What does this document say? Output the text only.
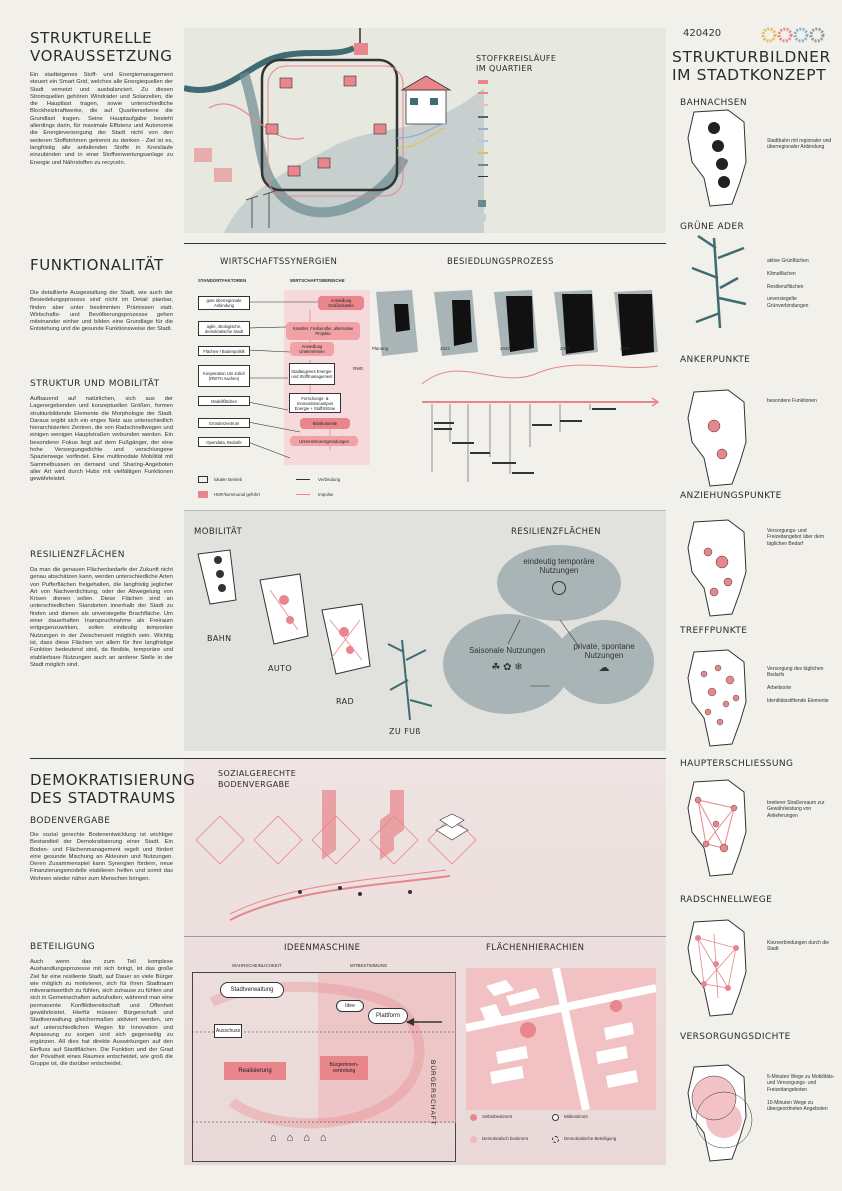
420420
STRUKTURBILDNER
IM STADTKONZEPT
STRUKTURELLE
VORAUSSETZUNG
Ein stadteigenes Stoff- und Energiemanagement steuert ein Smart Grid, welches alle Energiequellen der Stadt vernetzt und ausbalanciert. Zu diesen Stromquellen gehören Windräder und Solarzellen, die die Hauptlast tragen, sowie unterschiedliche Blockheizkraftwerke, die auf Quartiersebene die Grundlast tragen. Seine Hauptaufgabe besteht allerdings darin, für maximale Effizienz und Autonomie die Energieversorgung der Stadt nicht von den weiteren Stoffströmen getrennt zu denken - Ziel ist es, langfristig alle anfallenden Stoffe in Kreisläufe einzubinden und in einer Stoffverwertungsanlage zu Energie und Nährstoffen zu recyceln.
STOFFKREISLÄUFE
IM QUARTIER
FUNKTIONALITÄT
Die detaillierte Ausgestaltung der Stadt, wie auch der Besiedelungsprozess sind nicht im Detail planbar, finden aber unter bestimmten Prämissen statt. Wirtschafts- und Bevölkerungsprozesse gehen miteinander einher und bilden eine Grundlage für die Entstehung und die gesunde Funktionsweise der Stadt.
STRUKTUR UND MOBILITÄT
Aufbauend auf natürlichen, sich aus der Lagerergebenden und konzeptuellen Größen, formen strukturbildende Elemente die Morphologie der Stadt. Daraus ergibt sich ein enges Netz aus unterschiedlich hierarchisierten Zentren, die von Radschnellwegen und einigen wenigen Hauptstraßen verbunden werden. Ein besonderer Fokus liegt auf dem Fußgänger, der eine hohe Versorgungsdichte und verschlungene Spazierwege vorfindet. Eine multimodale Mobilität mit Sammelbussen on demand und Sharing-Angeboten aller Art wird durch Hubs mit vielfältigen Funktionen gewährleistet.
RESILIENZFLÄCHEN
Da man die genauen Flächenbedarfe der Zukunft nicht genau abschätzen kann, werden unterschiedliche Arten von Pufferflächen freigehalten, die langfristig jeglicher Art von Nachverdichtung, oder der Abwegelung von Krisen dienen sollen. Diese Flächen sind an unterschiedlichen Standorten innerhalb der Stadt zu finden und dienen als unversiegelte Brachfläche. Um einer dauerhaften Inanspruchnahme als Freiraum entgegenzuwirken, sollen eindeutig temporäre Nutzungen in der Zwischenzeit möglich sein. Wichtig ist, dass diese Flächen vor allem für ihre langfristige Funktion bedeutend sind, da flexible, temporäre und etablierbare Nutzungen auch an anderer Stelle in der Stadt möglich sind.
WIRTSCHAFTSSYNERGIEN
STANDORTFAKTOREN	WIRTSCHAFTSBEREICHE
gute überregionale Anbindung
agile, ökologische, demokratische Stadt
Flächen-/ Bodenpolitik
Kooperation Uni Jülich (RWTH Aachen)
Modellflächen
Gründerzentrum
Opendata, Bedarfe
Ansiedlung Großindustrie
Künstler, Freiberufler, alternative Projekte
Ansiedlung Unternehmen
Stadteigenes Energie- und Stoffmanagement
Forschungs- & Innovationscampus Energie + Stoffströme
Bioökonomie
Unternehmensgründungen
RWE
lokaler Betrieb	Verbindung
HMF/kommunal geführt	Impulse
BESIEDLUNGSPROZESS
Planung	2022	2040	2055	2070
MOBILITÄT
BAHN
AUTO
RAD
ZU FUß
RESILIENZFLÄCHEN
eindeutig temporäre Nutzungen
Saisonale Nutzungen
☘ ✿ ❄
private, spontane Nutzungen
☁
DEMOKRATISIERUNG
DES STADTRAUMS
BODENVERGABE
Die sozial gerechte Bodenentwicklung ist wichtiger Bestandteil der Demokratisierung einer Stadt. Ein Boden- und Flächenmanagement regelt und fördert eine gesunde Mischung an Akteuren und Nutzungen. Deren Zusammenspiel kann Synergien fördern, neue Finanzierungsmodelle etablieren helfen und somit das Wohnen wieder näher zum Menschen bringen.
BETEILIGUNG
Auch wenn das zum Teil komplexe Aushandlungsprozesse mit sich bringt, ist das große Ziel für eine resiliente Stadt, auf Dauer so viele Bürger wie möglich zu motivieren, sich für ihren Stadtraum mitverantwortlich zu fühlen, sich zuhause zu fühlen und sich in Gemeinschaften aufzuhalten, während man eine permanente Konfliktbereitschaft und Offenheit gewährleistet. Hierfür müssen Bürgerschaft und Stadtverwaltung gleichermaßen aktiviert werden, um auf unterschiedlichen Wegen für Innovation und Anpassung zu sorgen und sich gegenseitig zu ergänzen. All dies hat direkte Auswirkungen auf den Einfluss auf Stadtflächen. Die Funktion und der Grad der Privatheit eines Raumes entscheidet, wie groß die Gruppe ist, die darüber entscheidet.
SOZIALGERECHTE
BODENVERGABE
IDEENMASCHINE
WAHRSCHEINLICHKEIT	MITBESTIMMUNG
Stadtverwaltung
Plattform
Idee
Ausschuss
Bürgerinnen-vertretung
Realisierung	BÜRGERSCHAFT
⌂⌂⌂⌂
FLÄCHENHIERACHIEN
Selbstbestimmt	Mitbestimmt
Demokratisch bestimmt	Demokratische Beteiligung
BAHNACHSEN
Stadtbahn mit regionaler und überregionaler Anbindung
GRÜNE ADER
aktive Grünflächen

Klimaflächen

Resilienzflächen

unversiegelte Grünverbindungen
ANKERPUNKTE
besondere Funktionen
ANZIEHUNGSPUNKTE
Versorgungs- und Freizeitangebot über dem täglichen Bedarf
TREFFPUNKTE
Versorgung des täglichen Bedarfs

Arbeitsorte

Identitätsstiftende Elemente
HAUPTERSCHLIESSUNG
breiterer Straßenraum zur Gewährleistung von Anlieferungen
RADSCHNELLWEGE
Kiezverbindungen durch die Stadt
VERSORGUNGSDICHTE
5-Minuten Wege zu Mobilitäts- und Versorgungs- und Freizeitangeboten

10-Minuten Wege zu übergeordneten Angeboten
